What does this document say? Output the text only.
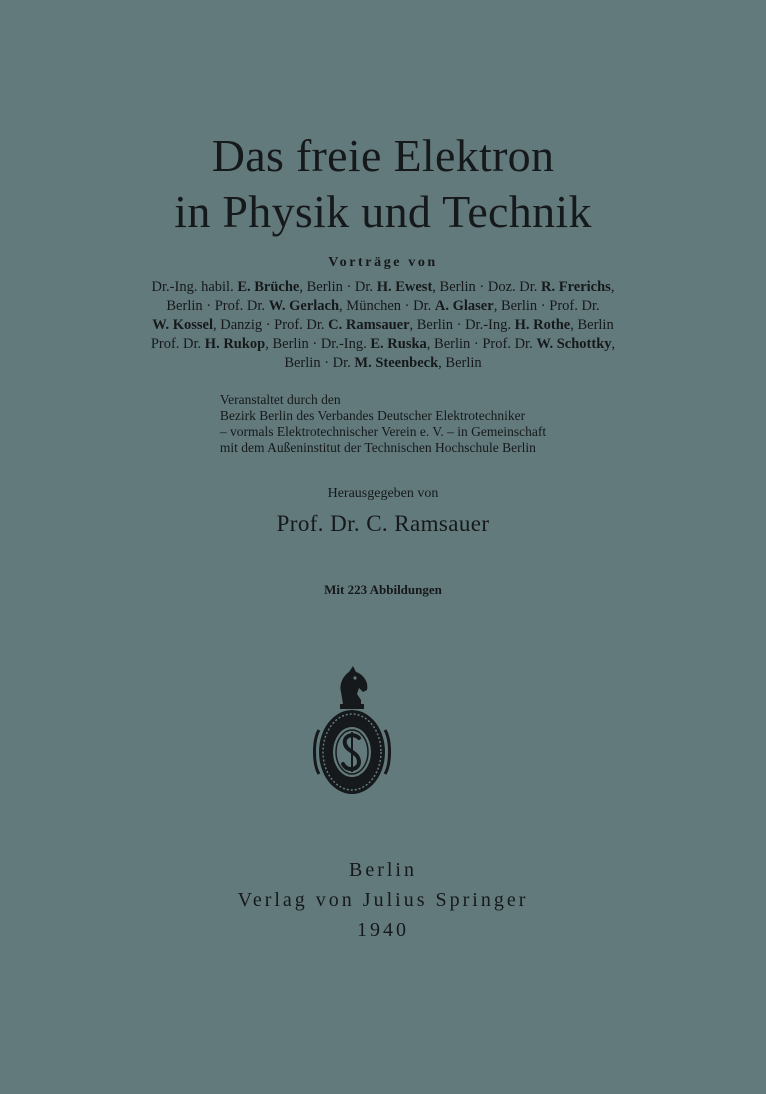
Das freie Elektron
in Physik und Technik
Vorträge von
Dr.-Ing. habil. E. Brüche, Berlin · Dr. H. Ewest, Berlin · Doz. Dr. R. Frerichs,
Berlin · Prof. Dr. W. Gerlach, München · Dr. A. Glaser, Berlin · Prof. Dr.
W. Kossel, Danzig · Prof. Dr. C. Ramsauer, Berlin · Dr.-Ing. H. Rothe, Berlin
Prof. Dr. H. Rukop, Berlin · Dr.-Ing. E. Ruska, Berlin · Prof. Dr. W. Schottky,
Berlin · Dr. M. Steenbeck, Berlin
Veranstaltet durch den
Bezirk Berlin des Verbandes Deutscher Elektrotechniker
– vormals Elektrotechnischer Verein e. V. – in Gemeinschaft
mit dem Außeninstitut der Technischen Hochschule Berlin
Herausgegeben von
Prof. Dr. C. Ramsauer
Mit 223 Abbildungen
Berlin
Verlag von Julius Springer
1940
